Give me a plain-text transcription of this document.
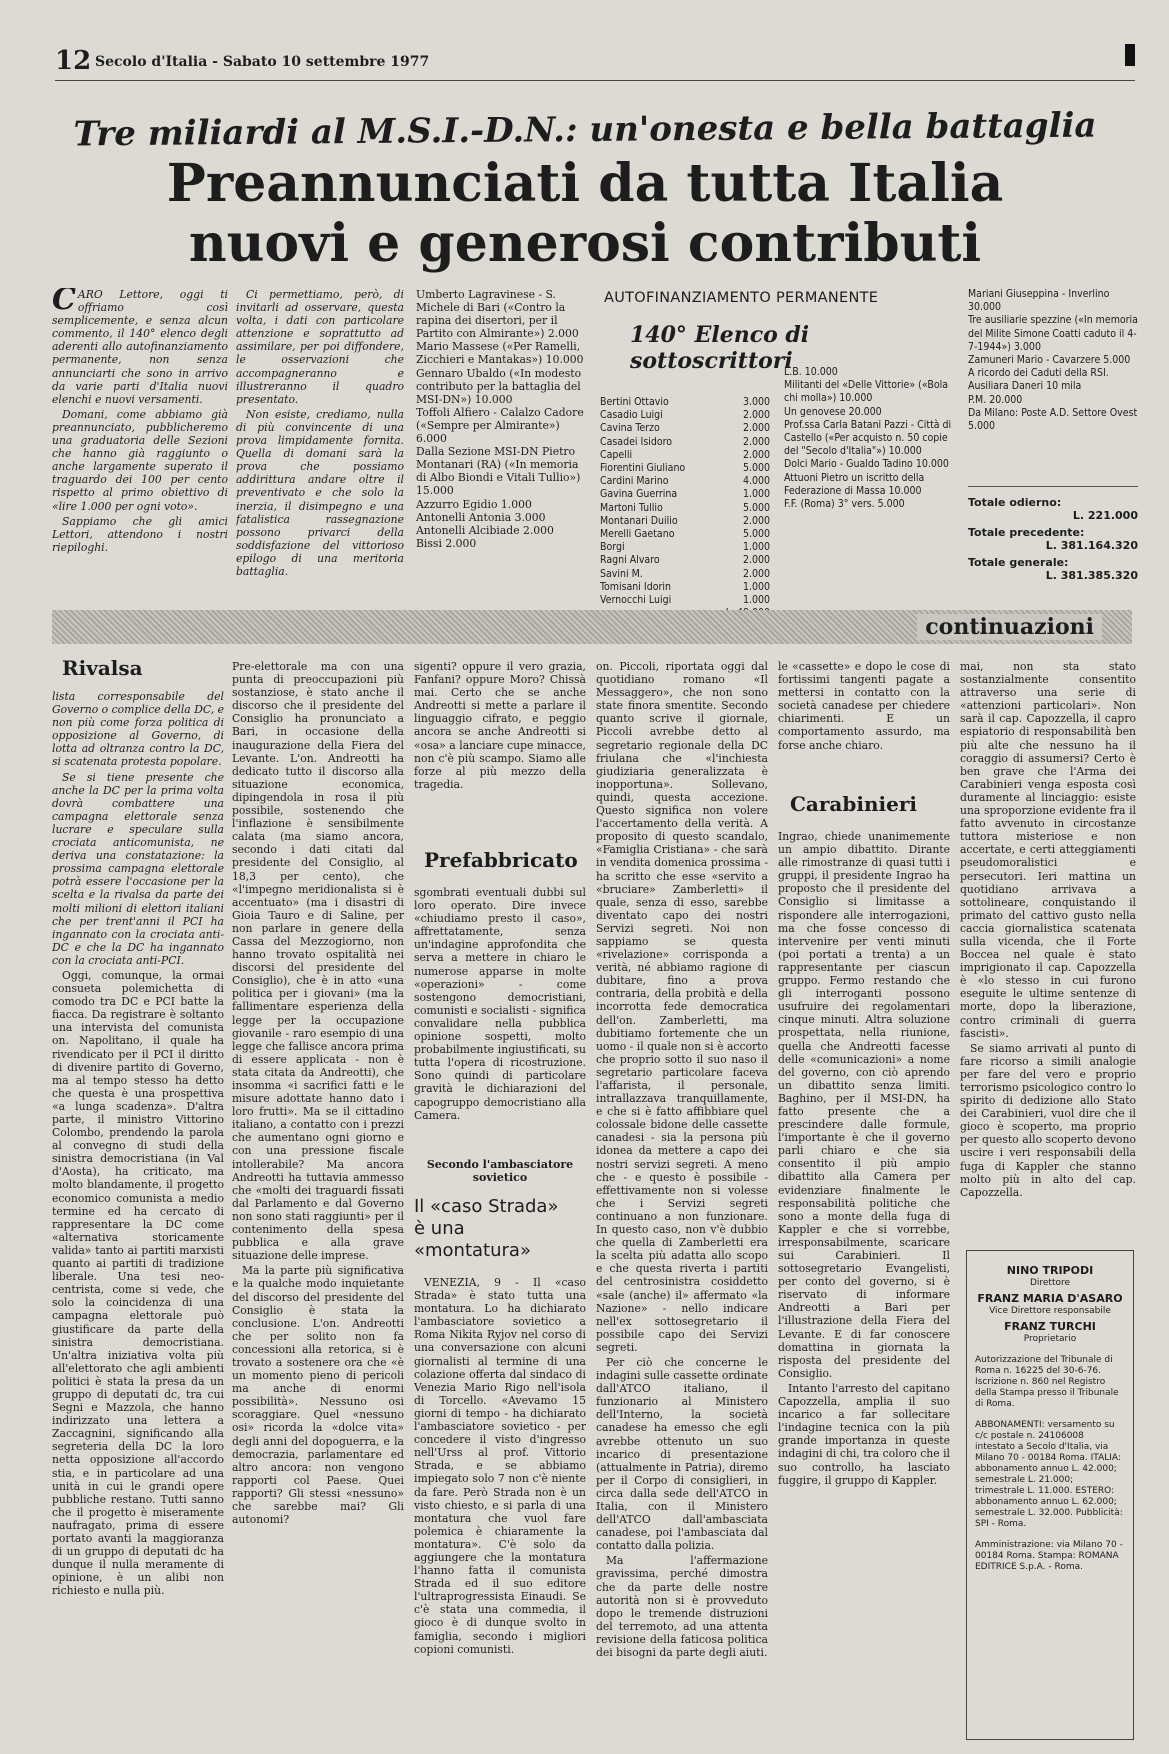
12 Secolo d'Italia - Sabato 10 settembre 1977
Tre miliardi al M.S.I.-D.N.: un'onesta e bella battaglia
Preannunciati da tutta Italia
nuovi e generosi contributi

CARO Lettore, oggi ti offriamo così semplicemente, e senza alcun commento, il 140° elenco degli aderenti allo autofinanziamento permanente, non senza annunciarti che sono in arrivo da varie parti d'Italia nuovi elenchi e nuovi versamenti.

Domani, come abbiamo già preannunciato, pubblicheremo una graduatoria delle Sezioni che hanno già raggiunto o anche largamente superato il traguardo dei 100 per cento rispetto al primo obiettivo di «lire 1.000 per ogni voto».

Sappiamo che gli amici Lettori, attendono i nostri riepiloghi.

Ci permettiamo, però, di invitarli ad osservare, questa volta, i dati con particolare attenzione e soprattutto ad assimilare, per poi diffondere, le osservazioni che accompagneranno e illustreranno il quadro presentato.

Non esiste, crediamo, nulla di più convincente di una prova limpidamente fornita. Quella di domani sarà la prova che possiamo addirittura andare oltre il preventivato e che solo la inerzia, il disimpegno e una fatalistica rassegnazione possono privarci della soddisfazione del vittorioso epilogo di una meritoria battaglia.

Umberto Lagravinese - S. Michele di Bari («Contro la rapina dei disertori, per il Partito con Almirante») 2.000
Mario Massese («Per Ramelli, Zicchieri e Mantakas») 10.000
Gennaro Ubaldo («In modesto contributo per la battaglia del MSI-DN») 10.000
Toffoli Alfiero - Calalzo Cadore («Sempre per Almirante») 6.000
Dalla Sezione MSI-DN Pietro Montanari (RA) («In memoria di Albo Biondi e Vitali Tullio») 15.000
Azzurro Egidio 1.000
Antonelli Antonia 3.000
Antonelli Alcibiade 2.000
Bissi 2.000
AUTOFINANZIAMENTO PERMANENTE
140° Elenco di sottoscrittori
Bertini Ottavio	3.000
Casadio Luigi	2.000
Cavina Terzo	2.000
Casadei Isidoro	2.000
Capelli	2.000
Fiorentini Giuliano	5.000
Cardini Marino	4.000
Gavina Guerrina	1.000
Martoni Tullio	5.000
Montanari Duilio	2.000
Merelli Gaetano	5.000
Borgi	1.000
Ragni Alvaro	2.000
Savini M.	2.000
Tomisani Idorin	1.000
Vernocchi Luigi	1.000
L.B. 10.000
Militanti del «Delle Vittorie» («Bola chi molla») 10.000
Un genovese 20.000
Prof.ssa Carla Batani Pazzi - Città di Castello («Per acquisto n. 50 copie del "Secolo d'Italia"») 10.000
Dolci Mario - Gualdo Tadino 10.000
Attuoni Pietro un iscritto della Federazione di Massa 10.000
F.F. (Roma) 3° vers. 5.000
Mariani Giuseppina - Inverlino 30.000
Tre ausiliarie spezzine («In memoria del Milite Simone Coatti caduto il 4-7-1944») 3.000
Zamuneri Mario - Cavarzere 5.000
A ricordo dei Caduti della RSI. Ausiliara Daneri 10 mila
P.M. 20.000
Da Milano: Poste A.D. Settore Ovest 5.000
Totale odierno:
L. 221.000
Totale precedente:
L. 381.164.320
Totale generale:
L. 381.385.320
continuazioni
Rivalsa

lista corresponsabile del Governo o complice della DC, e non più come forza politica di opposizione al Governo, di lotta ad oltranza contro la DC, si scatenata protesta popolare.

Se si tiene presente che anche la DC per la prima volta dovrà combattere una campagna elettorale senza lucrare e speculare sulla crociata anticomunista, ne deriva una constatazione: la prossima campagna elettorale potrà essere l'occasione per la scelta e la rivalsa da parte dei molti milioni di elettori italiani che per trent'anni il PCI ha ingannato con la crociata anti-DC e che la DC ha ingannato con la crociata anti-PCI.

Oggi, comunque, la ormai consueta polemichetta di comodo tra DC e PCI batte la fiacca. Da registrare è soltanto una intervista del comunista on. Napolitano, il quale ha rivendicato per il PCI il diritto di divenire partito di Governo, ma al tempo stesso ha detto che questa è una prospettiva «a lunga scadenza». D'altra parte, il ministro Vittorino Colombo, prendendo la parola al convegno di studi della sinistra democristiana (in Val d'Aosta), ha criticato, ma molto blandamente, il progetto economico comunista a medio termine ed ha cercato di rappresentare la DC come «alternativa storicamente valida» tanto ai partiti marxisti quanto ai partiti di tradizione liberale. Una tesi neo-centrista, come si vede, che solo la coincidenza di una campagna elettorale può giustificare da parte della sinistra democristiana. Un'altra iniziativa volta più all'elettorato che agli ambienti politici è stata la presa da un gruppo di deputati dc, tra cui Segni e Mazzola, che hanno indirizzato una lettera a Zaccagnini, significando alla segreteria della DC la loro netta opposizione all'accordo stia, e in particolare ad una unità in cui le grandi opere pubbliche restano. Tutti sanno che il progetto è miseramente naufragato, prima di essere portato avanti la maggioranza di un gruppo di deputati dc ha dunque il nulla meramente di opinione, è un alibi non richiesto e nulla più.

Pre-elettorale ma con una punta di preoccupazioni più sostanziose, è stato anche il discorso che il presidente del Consiglio ha pronunciato a Bari, in occasione della inaugurazione della Fiera del Levante. L'on. Andreotti ha dedicato tutto il discorso alla situazione economica, dipingendola in rosa il più possibile, sostenendo che l'inflazione è sensibilmente calata (ma siamo ancora, secondo i dati citati dal presidente del Consiglio, al 18,3 per cento), che «l'impegno meridionalista si è accentuato» (ma i disastri di Gioia Tauro e di Saline, per non parlare in genere della Cassa del Mezzogiorno, non hanno trovato ospitalità nei discorsi del presidente del Consiglio), che è in atto «una politica per i giovani» (ma la fallimentare esperienza della legge per la occupazione giovanile - raro esempio di una legge che fallisce ancora prima di essere applicata - non è stata citata da Andreotti), che insomma «i sacrifici fatti e le misure adottate hanno dato i loro frutti». Ma se il cittadino italiano, a contatto con i prezzi che aumentano ogni giorno e con una pressione fiscale intollerabile? Ma ancora Andreotti ha tuttavia ammesso che «molti dei traguardi fissati dal Parlamento e dal Governo non sono stati raggiunti» per il contenimento della spesa pubblica e alla grave situazione delle imprese.

Ma la parte più significativa e la qualche modo inquietante del discorso del presidente del Consiglio è stata la conclusione. L'on. Andreotti che per solito non fa concessioni alla retorica, si è trovato a sostenere ora che «è un momento pieno di pericoli ma anche di enormi possibilità». Nessuno osi scoraggiare. Quel «nessuno osi» ricorda la «dolce vita» degli anni del dopoguerra, e la democrazia, parlamentare ed altro ancora: non vengono rapporti col Paese. Quei rapporti? Gli stessi «nessuno» che sarebbe mai? Gli autonomi?

sigenti? oppure il vero grazia, Fanfani? oppure Moro? Chissà mai. Certo che se anche Andreotti si mette a parlare il linguaggio cifrato, e peggio ancora se anche Andreotti si «osa» a lanciare cupe minacce, non c'è più scampo. Siamo alle forze al più mezzo della tragedia.

Prefabbricato

sgombrati eventuali dubbi sul loro operato. Dire invece «chiudiamo presto il caso», affrettatamente, senza un'indagine approfondita che serva a mettere in chiaro le numerose apparse in molte «operazioni» - come sostengono democristiani, comunisti e socialisti - significa convalidare nella pubblica opinione sospetti, molto probabilmente ingiustificati, su tutta l'opera di ricostruzione. Sono quindi di particolare gravità le dichiarazioni del capogruppo democristiano alla Camera.

Secondo l'ambasciatore sovietico
Il «caso Strada» è una «montatura»

VENEZIA, 9 - Il «caso Strada» è stato tutta una montatura. Lo ha dichiarato l'ambasciatore sovietico a Roma Nikita Ryjov nel corso di una conversazione con alcuni giornalisti al termine di una colazione offerta dal sindaco di Venezia Mario Rigo nell'isola di Torcello. «Avevamo 15 giorni di tempo - ha dichiarato l'ambasciatore sovietico - per concedere il visto d'ingresso nell'Urss al prof. Vittorio Strada, e se abbiamo impiegato solo 7 non c'è niente da fare. Però Strada non è un visto chiesto, e si parla di una montatura che vuol fare polemica è chiaramente la montatura». C'è solo da aggiungere che la montatura l'hanno fatta il comunista Strada ed il suo editore l'ultraprogressista Einaudi. Se c'è stata una commedia, il gioco è di dunque svolto in famiglia, secondo i migliori copioni comunisti.

on. Piccoli, riportata oggi dal quotidiano romano «Il Messaggero», che non sono state finora smentite. Secondo quanto scrive il giornale, Piccoli avrebbe detto al segretario regionale della DC friulana che «l'inchiesta giudiziaria generalizzata è inopportuna». Sollevano, quindi, questa accezione. Questo significa non volere l'accertamento della verità. A proposito di questo scandalo, «Famiglia Cristiana» - che sarà in vendita domenica prossima - ha scritto che esse «servito a «bruciare» Zamberletti» il quale, senza di esso, sarebbe diventato capo dei nostri Servizi segreti. Noi non sappiamo se questa «rivelazione» corrisponda a verità, né abbiamo ragione di dubitare, fino a prova contraria, della probità e della incorrotta fede democratica dell'on. Zamberletti, ma dubitiamo fortemente che un uomo - il quale non si è accorto che proprio sotto il suo naso il segretario particolare faceva l'affarista, il personale, intrallazzava tranquillamente, e che si è fatto affibbiare quel colossale bidone delle cassette canadesi - sia la persona più idonea da mettere a capo dei nostri servizi segreti. A meno che - e questo è possibile - effettivamente non si volesse che i Servizi segreti continuano a non funzionare. In questo caso, non v'è dubbio che quella di Zamberletti era la scelta più adatta allo scopo e che questa riverta i partiti del centrosinistra cosiddetto «sale (anche) il» affermato «la Nazione» - nello indicare nell'ex sottosegretario il possibile capo dei Servizi segreti.

Per ciò che concerne le indagini sulle cassette ordinate dall'ATCO italiano, il funzionario al Ministero dell'Interno, la società canadese ha emesso che egli avrebbe ottenuto un suo incarico di presentazione (attualmente in Patria), diremo per il Corpo di consiglieri, in circa dalla sede dell'ATCO in Italia, con il Ministero dell'ATCO dall'ambasciata canadese, poi l'ambasciata dal contatto dalla polizia.

Ma l'affermazione gravissima, perché dimostra che da parte delle nostre autorità non si è provveduto dopo le tremende distruzioni del terremoto, ad una attenta revisione della faticosa politica dei bisogni da parte degli aiuti.

le «cassette» e dopo le cose di fortissimi tangenti pagate a mettersi in contatto con la società canadese per chiedere chiarimenti. E un comportamento assurdo, ma forse anche chiaro.

Carabinieri

Ingrao, chiede unanimemente un ampio dibattito. Dirante alle rimostranze di quasi tutti i gruppi, il presidente Ingrao ha proposto che il presidente del Consiglio si limitasse a rispondere alle interrogazioni, ma che fosse concesso di intervenire per venti minuti (poi portati a trenta) a un rappresentante per ciascun gruppo. Fermo restando che gli interroganti possono usufruire dei regolamentari cinque minuti. Altra soluzione prospettata, nella riunione, quella che Andreotti facesse delle «comunicazioni» a nome del governo, con ciò aprendo un dibattito senza limiti. Baghino, per il MSI-DN, ha fatto presente che a prescindere dalle formule, l'importante è che il governo parli chiaro e che sia consentito il più ampio dibattito alla Camera per evidenziare finalmente le responsabilità politiche che sono a monte della fuga di Kappler e che si vorrebbe, irresponsabilmente, scaricare sui Carabinieri. Il sottosegretario Evangelisti, per conto del governo, si è riservato di informare Andreotti a Bari per l'illustrazione della Fiera del Levante. E di far conoscere domattina in giornata la risposta del presidente del Consiglio.

Intanto l'arresto del capitano Capozzella, amplia il suo incarico a far sollecitare l'indagine tecnica con la più grande importanza in queste indagini di chi, tra coloro che il suo controllo, ha lasciato fuggire, il gruppo di Kappler.

mai, non sta stato sostanzialmente consentito attraverso una serie di «attenzioni particolari». Non sarà il cap. Capozzella, il capro espiatorio di responsabilità ben più alte che nessuno ha il coraggio di assumersi? Certo è ben grave che l'Arma dei Carabinieri venga esposta così duramente al linciaggio: esiste una sproporzione evidente fra il fatto avvenuto in circostanze tuttora misteriose e non accertate, e certi atteggiamenti pseudomoralistici e persecutori. Ieri mattina un quotidiano arrivava a sottolineare, conquistando il primato del cattivo gusto nella caccia giornalistica scatenata sulla vicenda, che il Forte Boccea nel quale è stato imprigionato il cap. Capozzella è «lo stesso in cui furono eseguite le ultime sentenze di morte, dopo la liberazione, contro criminali di guerra fascisti».

Se siamo arrivati al punto di fare ricorso a simili analogie per fare del vero e proprio terrorismo psicologico contro lo spirito di dedizione allo Stato dei Carabinieri, vuol dire che il gioco è scoperto, ma proprio per questo allo scoperto devono uscire i veri responsabili della fuga di Kappler che stanno molto più in alto del cap. Capozzella.

NINO TRIPODI
Direttore
FRANZ MARIA D'ASARO
Vice Direttore responsabile
FRANZ TURCHI
Proprietario
Autorizzazione del Tribunale di Roma n. 16225 del 30-6-76. Iscrizione n. 860 nel Registro della Stampa presso il Tribunale di Roma.
ABBONAMENTI: versamento su c/c postale n. 24106008 intestato a Secolo d'Italia, via Milano 70 - 00184 Roma. ITALIA: abbonamento annuo L. 42.000; semestrale L. 21.000; trimestrale L. 11.000. ESTERO: abbonamento annuo L. 62.000; semestrale L. 32.000. Pubblicità: SPI - Roma.
Amministrazione: via Milano 70 - 00184 Roma. Stampa: ROMANA EDITRICE S.p.A. - Roma.
